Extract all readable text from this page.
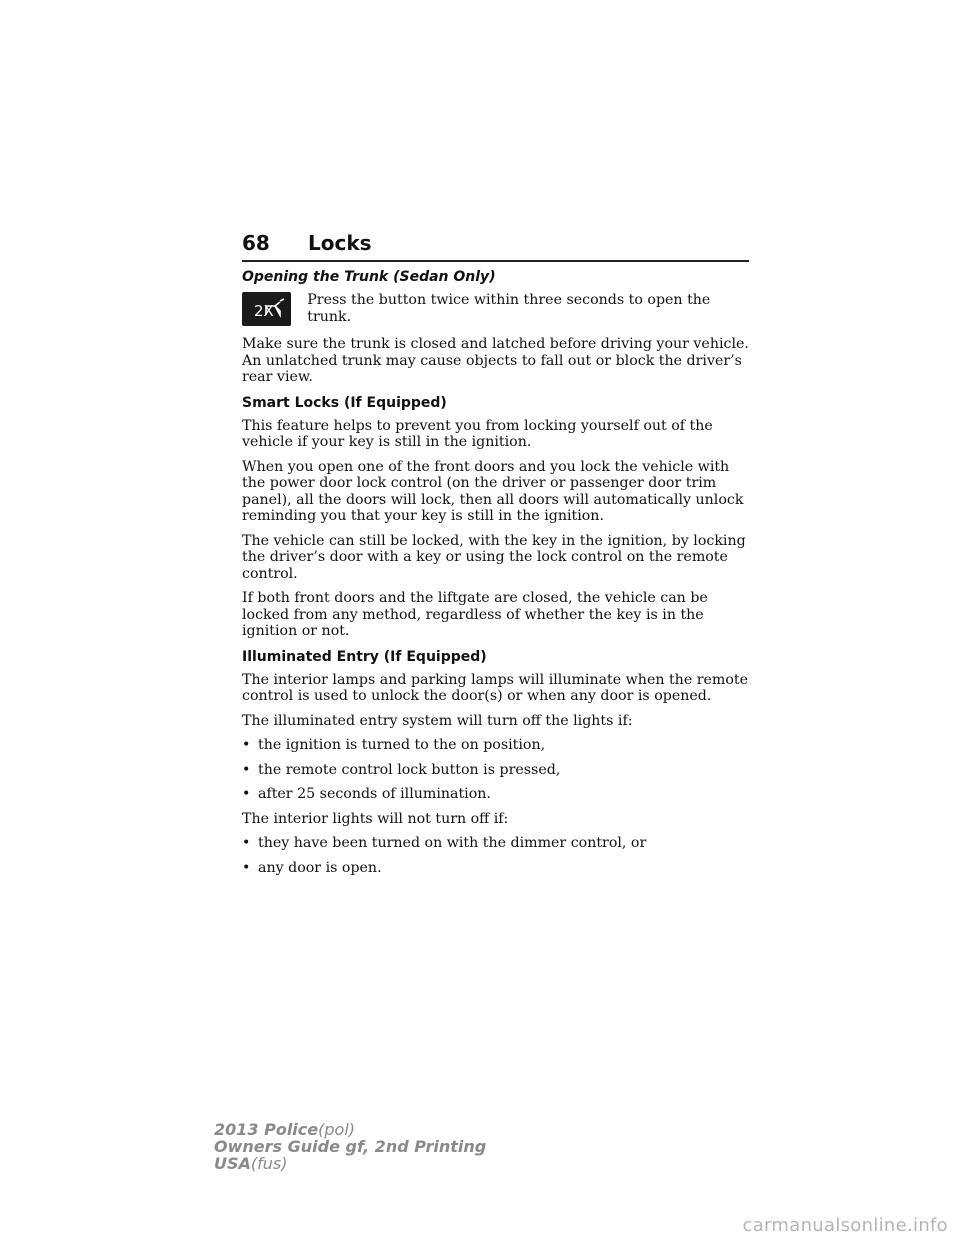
68 Locks
Opening the Trunk (Sedan Only)
2X

Press the button twice within three seconds to open the trunk.

Make sure the trunk is closed and latched before driving your vehicle. An unlatched trunk may cause objects to fall out or block the driver’s rear view.

Smart Locks (If Equipped)

This feature helps to prevent you from locking yourself out of the vehicle if your key is still in the ignition.

When you open one of the front doors and you lock the vehicle with the power door lock control (on the driver or passenger door trim panel), all the doors will lock, then all doors will automatically unlock reminding you that your key is still in the ignition.

The vehicle can still be locked, with the key in the ignition, by locking the driver’s door with a key or using the lock control on the remote control.

If both front doors and the liftgate are closed, the vehicle can be locked from any method, regardless of whether the key is in the ignition or not.

Illuminated Entry (If Equipped)

The interior lamps and parking lamps will illuminate when the remote control is used to unlock the door(s) or when any door is opened.

The illuminated entry system will turn off the lights if:

• the ignition is turned to the on position,
• the remote control lock button is pressed,
• after 25 seconds of illumination.

The interior lights will not turn off if:

• they have been turned on with the dimmer control, or
• any door is open.
2013 Police(pol)
Owners Guide gf, 2nd Printing
USA(fus)
carmanualsonline.info
